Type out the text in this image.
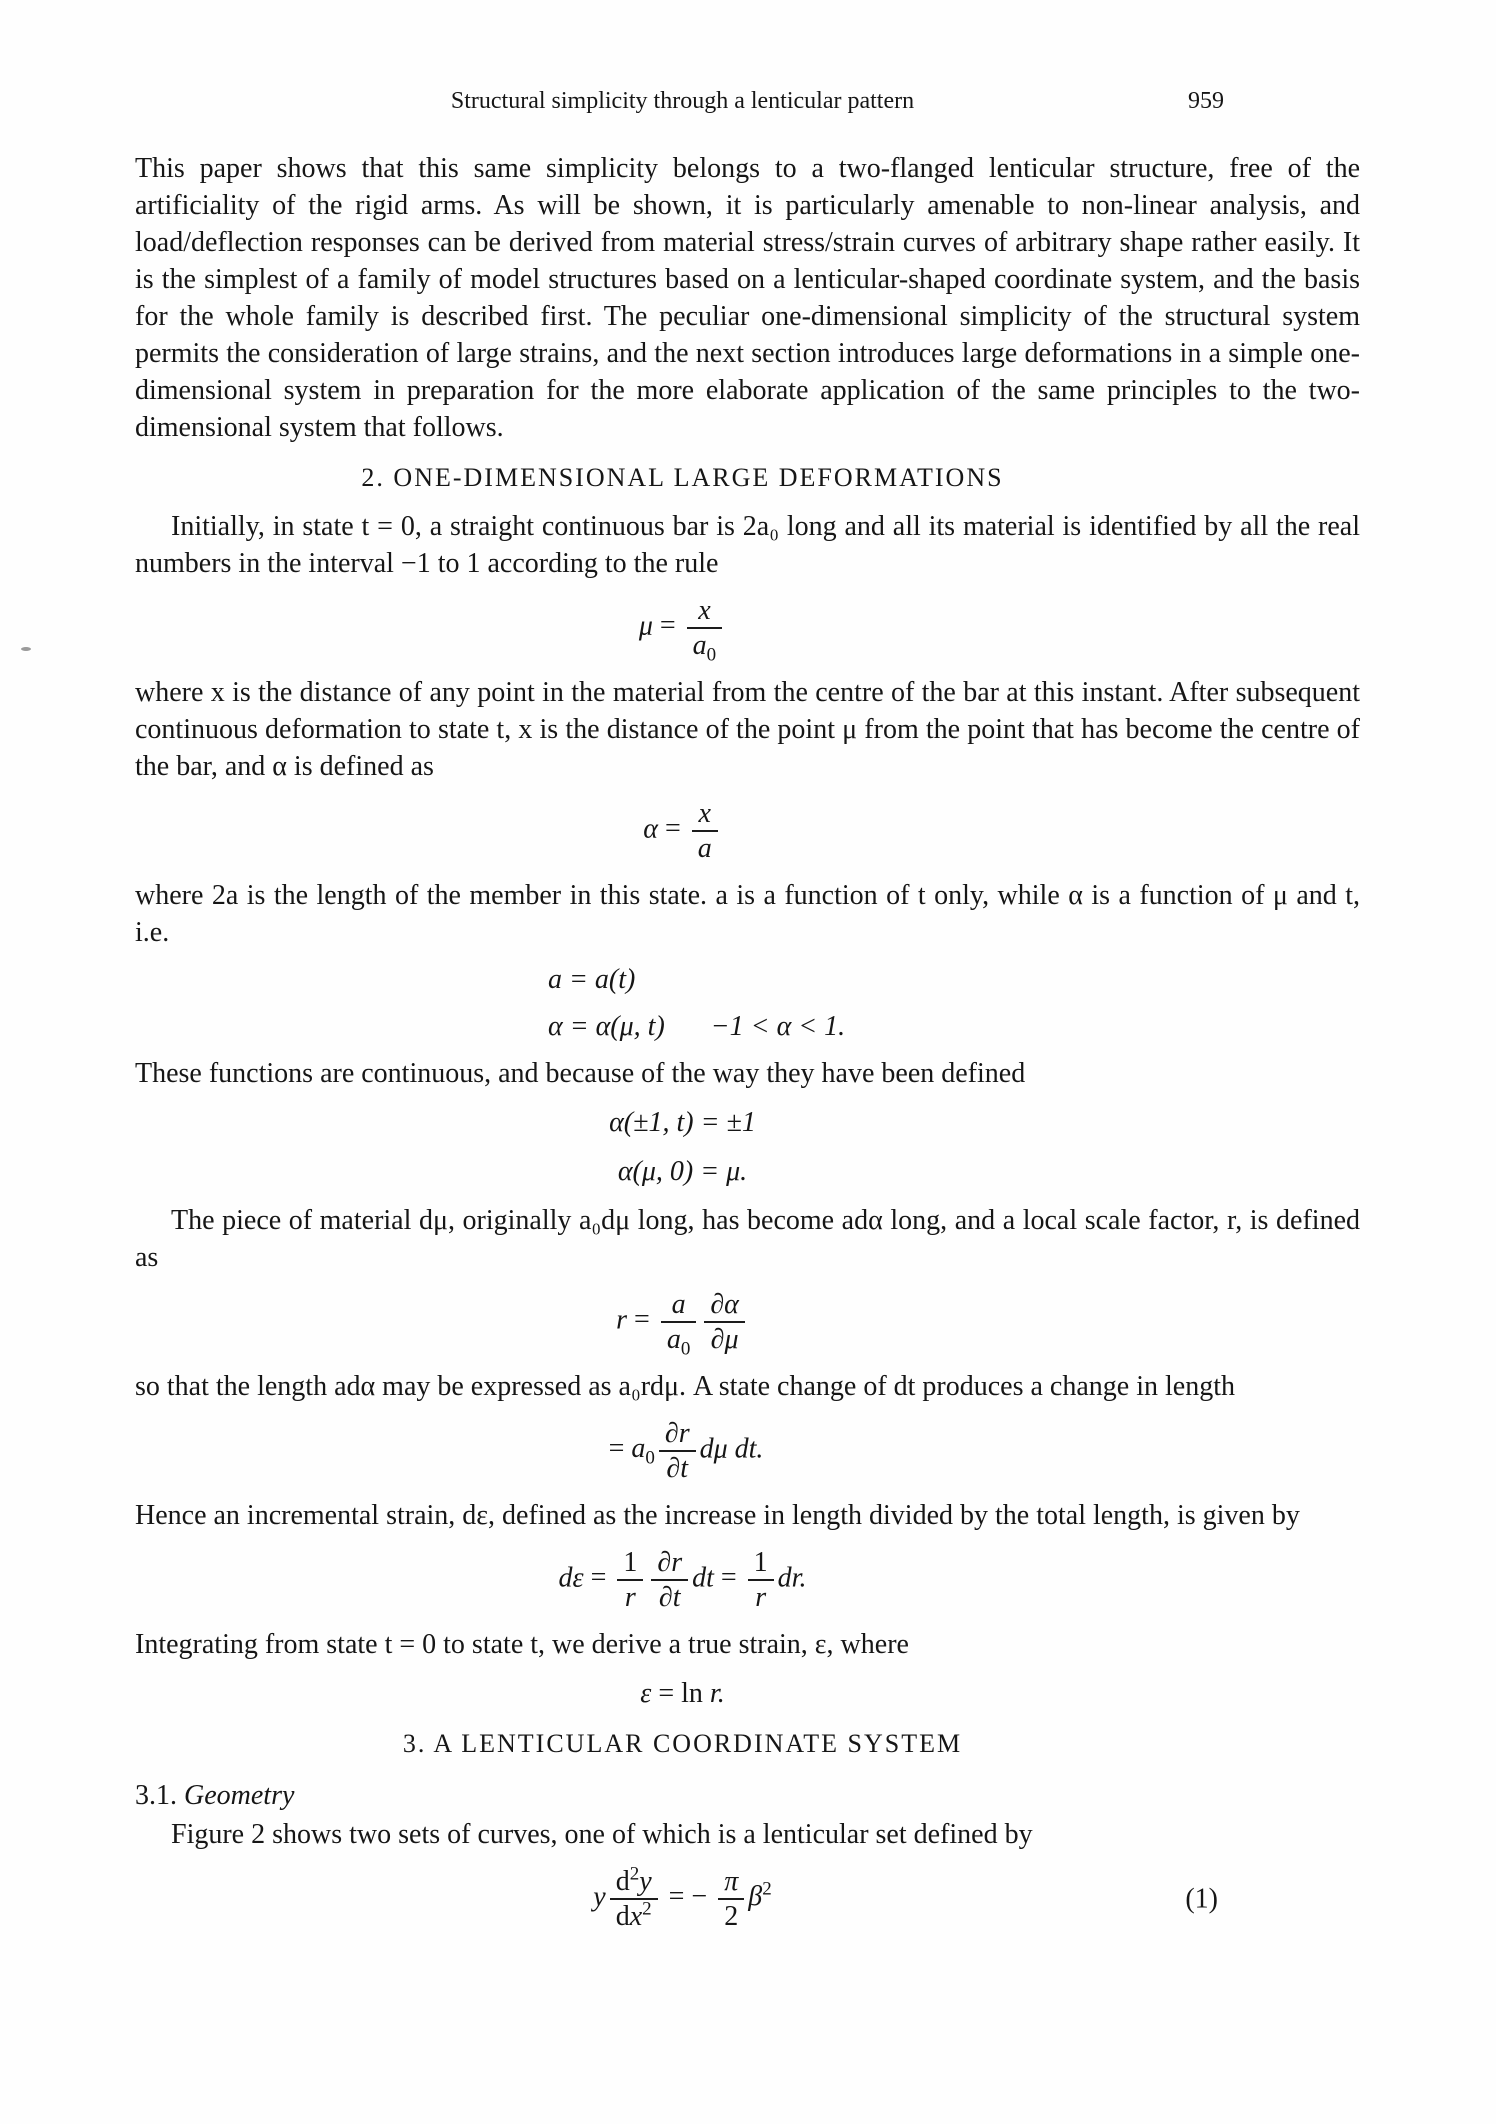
Structural simplicity through a lenticular pattern	959

This paper shows that this same simplicity belongs to a two-flanged lenticular structure, free of the artificiality of the rigid arms. As will be shown, it is particularly amenable to non-linear analysis, and load/deflection responses can be derived from material stress/strain curves of arbitrary shape rather easily. It is the simplest of a family of model structures based on a lenticular-shaped coordinate system, and the basis for the whole family is described first. The peculiar one-dimensional simplicity of the structural system permits the consideration of large strains, and the next section introduces large deformations in a simple one-dimensional system in preparation for the more elaborate application of the same principles to the two-dimensional system that follows.

2. ONE-DIMENSIONAL LARGE DEFORMATIONS

Initially, in state t = 0, a straight continuous bar is 2a₀ long and all its material is identified by all the real numbers in the interval −1 to 1 according to the rule

$\mu = \frac{x}{a_0}$

where x is the distance of any point in the material from the centre of the bar at this instant. After subsequent continuous deformation to state t, x is the distance of the point μ from the point that has become the centre of the bar, and α is defined as

$\alpha = \frac{x}{a}$

where 2a is the length of the member in this state. a is a function of t only, while α is a function of μ and t, i.e.

a = a(t)
α = α(μ, t) −1 < α < 1.

These functions are continuous, and because of the way they have been defined

α(±1, t) = ±1
α(μ, 0) = μ.

The piece of material dμ, originally a₀dμ long, has become adα long, and a local scale factor, r, is defined as

$r = \frac{a}{a_0} \frac{\partial\alpha}{\partial\mu}$

so that the length adα may be expressed as a₀rdμ. A state change of dt produces a change in length

= $a_0 \frac{\partial r}{\partial t}$ dμ dt.

Hence an incremental strain, dε, defined as the increase in length divided by the total length, is given by

$d\varepsilon = \frac{1}{r} \frac{\partial r}{\partial t}$ dt = $\frac{1}{r}$ dr.

Integrating from state t = 0 to state t, we derive a true strain, ε, where

ε = ln r.
3. A LENTICULAR COORDINATE SYSTEM
3.1. Geometry

Figure 2 shows two sets of curves, one of which is a lenticular set defined by

y $\frac{d^2y}{dx^2}$ = − $\frac{\pi}{2} \beta^2$	(1)
